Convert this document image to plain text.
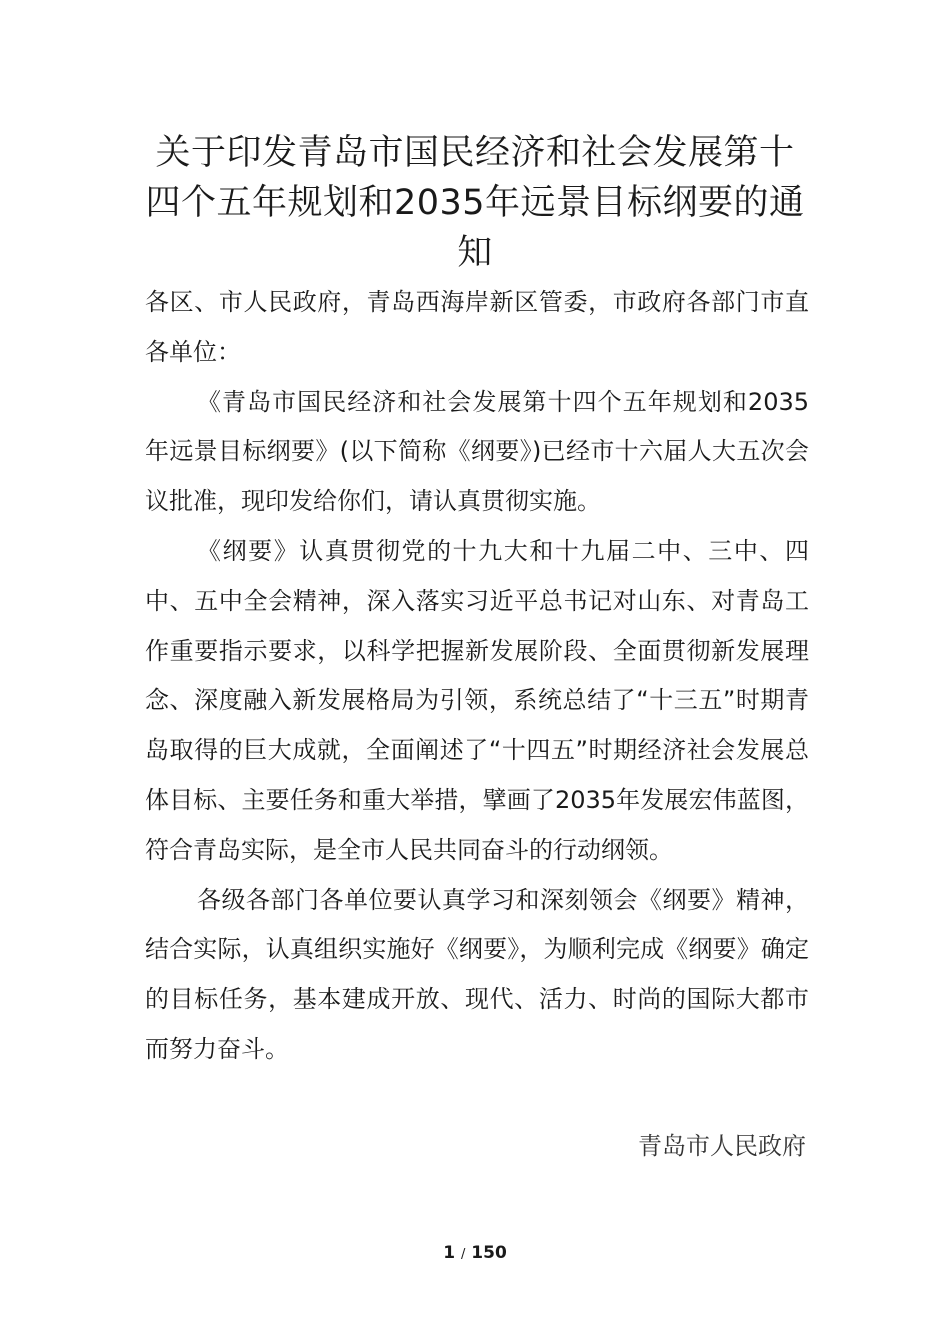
关于印发青岛市国民经济和社会发展第十四个五年规划和2035年远景目标纲要的通知

各区、市人民政府，青岛西海岸新区管委，市政府各部门市直各单位：

《青岛市国民经济和社会发展第十四个五年规划和2035年远景目标纲要》(以下简称《纲要》)已经市十六届人大五次会议批准，现印发给你们，请认真贯彻实施。

《纲要》认真贯彻党的十九大和十九届二中、三中、四中、五中全会精神，深入落实习近平总书记对山东、对青岛工作重要指示要求，以科学把握新发展阶段、全面贯彻新发展理念、深度融入新发展格局为引领，系统总结了“十三五”时期青岛取得的巨大成就，全面阐述了“十四五”时期经济社会发展总体目标、主要任务和重大举措，擘画了2035年发展宏伟蓝图，符合青岛实际，是全市人民共同奋斗的行动纲领。

各级各部门各单位要认真学习和深刻领会《纲要》精神，结合实际，认真组织实施好《纲要》，为顺利完成《纲要》确定的目标任务，基本建成开放、现代、活力、时尚的国际大都市而努力奋斗。

青岛市人民政府
1 / 150
